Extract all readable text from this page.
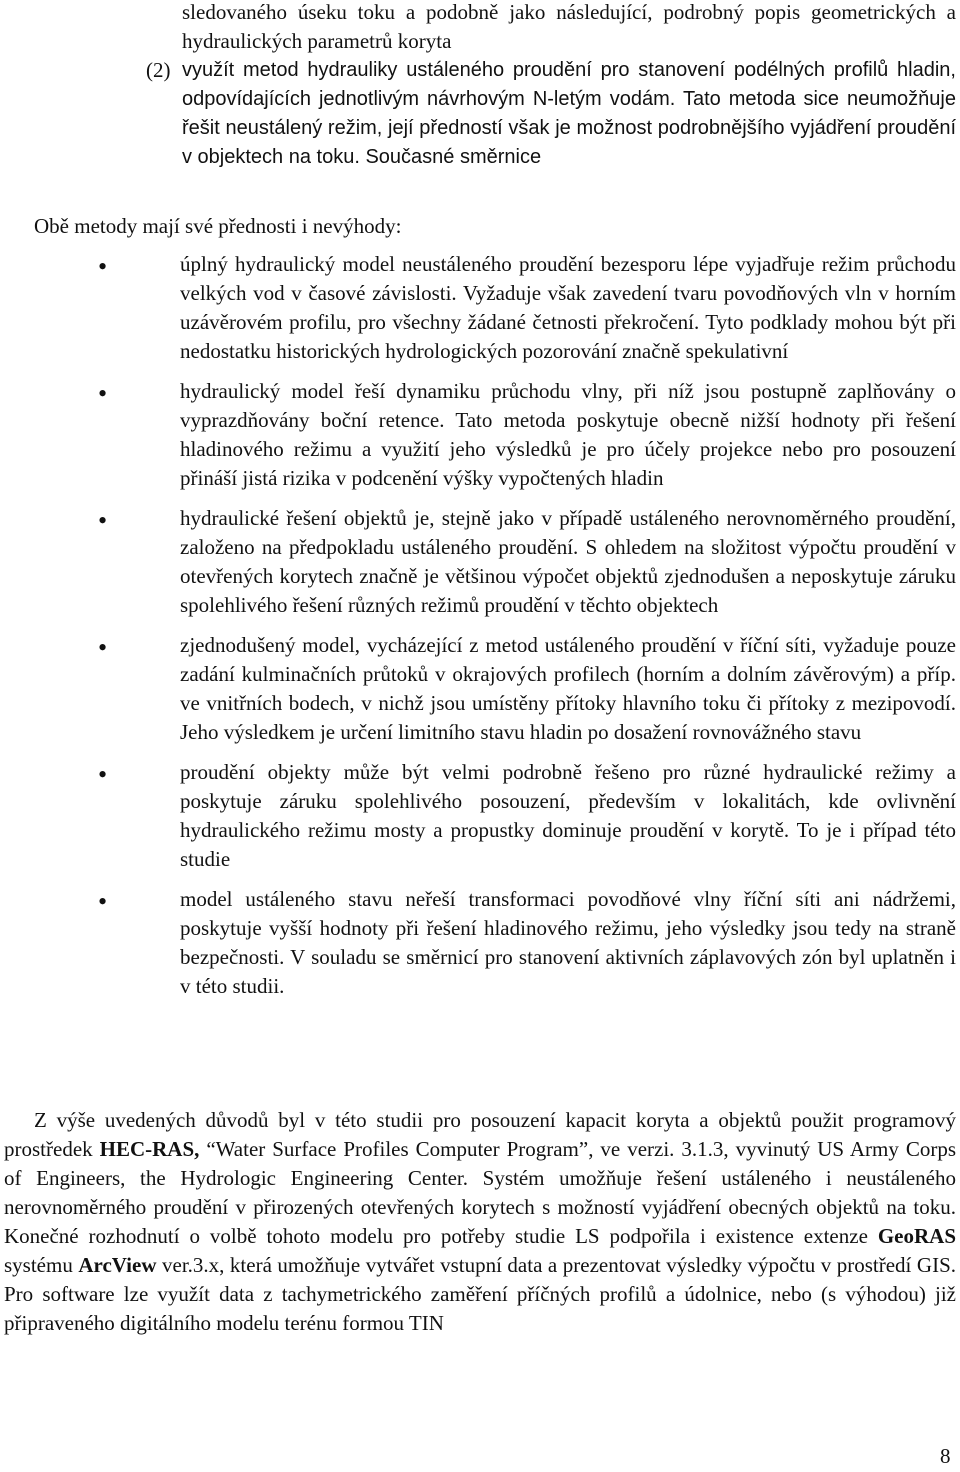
sledovaného úseku toku a podobně jako následující, podrobný popis geometrických a hydraulických parametrů koryta

(2) využít metod hydrauliky ustáleného proudění pro stanovení podélných profilů hladin, odpovídajících jednotlivým návrhovým N-letým vodám. Tato metoda sice neumožňuje řešit neustálený režim, její předností však je možnost podrobnějšího vyjádření proudění v objektech na toku. Současné směrnice

Obě metody mají své přednosti i nevýhody:
•	úplný hydraulický model neustáleného proudění bezesporu lépe vyjadřuje režim průchodu velkých vod v časové závislosti. Vyžaduje však zavedení tvaru povodňových vln v horním uzávěrovém profilu, pro všechny žádané četnosti překročení. Tyto podklady mohou být při nedostatku historických hydrologických pozorování značně spekulativní

•	hydraulický model řeší dynamiku průchodu vlny, při níž jsou postupně zaplňovány o vyprazdňovány boční retence. Tato metoda poskytuje obecně nižší hodnoty při řešení hladinového režimu a využití jeho výsledků je pro účely projekce nebo pro posouzení přináší jistá rizika v podcenění výšky vypočtených hladin

•	hydraulické řešení objektů je, stejně jako v případě ustáleného nerovnoměrného proudění, založeno na předpokladu ustáleného proudění. S ohledem na složitost výpočtu proudění v otevřených korytech značně je většinou výpočet objektů zjednodušen a neposkytuje záruku spolehlivého řešení různých režimů proudění v těchto objektech

•	zjednodušený model, vycházející z metod ustáleného proudění v říční síti, vyžaduje pouze zadání kulminačních průtoků v okrajových profilech (horním a dolním závěrovým) a příp. ve vnitřních bodech, v nichž jsou umístěny přítoky hlavního toku či přítoky z mezipovodí. Jeho výsledkem je určení limitního stavu hladin po dosažení rovnovážného stavu

•	proudění objekty může být velmi podrobně řešeno pro různé hydraulické režimy a poskytuje záruku spolehlivého posouzení, především v lokalitách, kde ovlivnění hydraulického režimu mosty a propustky dominuje proudění v korytě. To je i případ této studie

•	model ustáleného stavu neřeší transformaci povodňové vlny říční síti ani nádržemi, poskytuje vyšší hodnoty při řešení hladinového režimu, jeho výsledky jsou tedy na straně bezpečnosti. V souladu se směrnicí pro stanovení aktivních záplavových zón byl uplatněn i v této studii.

Z výše uvedených důvodů byl v této studii pro posouzení kapacit koryta a objektů použit programový prostředek HEC-RAS, “Water Surface Profiles Computer Program”, ve verzi. 3.1.3, vyvinutý US Army Corps of Engineers, the Hydrologic Engineering Center. Systém umožňuje řešení ustáleného i neustáleného nerovnoměrného proudění v přirozených otevřených korytech s možností vyjádření obecných objektů na toku. Konečné rozhodnutí o volbě tohoto modelu pro potřeby studie LS podpořila i existence extenze GeoRAS systému ArcView ver.3.x, která umožňuje vytvářet vstupní data a prezentovat výsledky výpočtu v prostředí GIS. Pro software lze využít data z tachymetrického zaměření příčných profilů a údolnice, nebo (s výhodou) již připraveného digitálního modelu terénu formou TIN

8
